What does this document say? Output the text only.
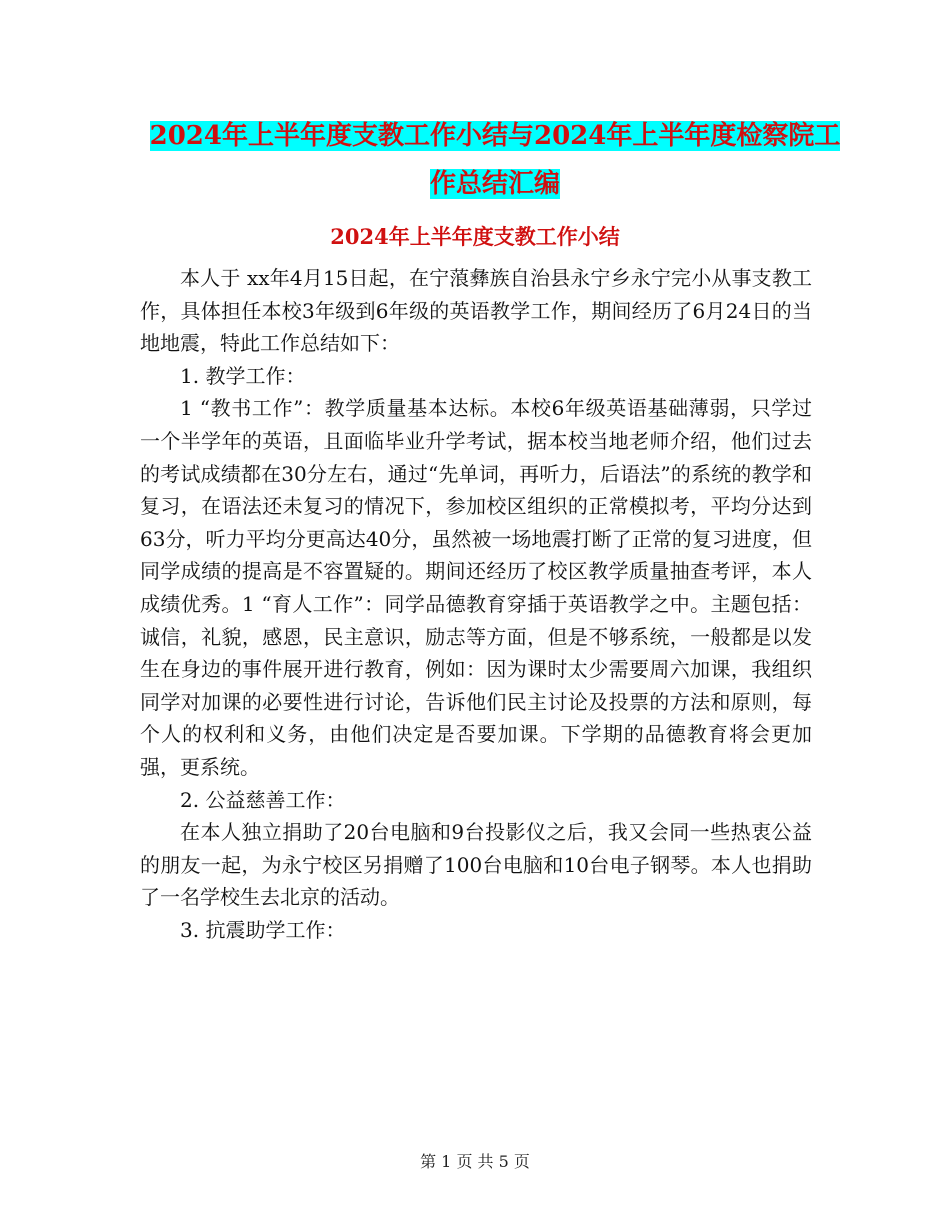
2024年上半年度支教工作小结与2024年上半年度检察院工作总结汇编
2024年上半年度支教工作小结

本人于 xx年4月15日起，在宁蒗彝族自治县永宁乡永宁完小从事支教工作，具体担任本校3年级到6年级的英语教学工作，期间经历了6月24日的当地地震，特此工作总结如下：

1. 教学工作：

1 “教书工作”：教学质量基本达标。本校6年级英语基础薄弱，只学过一个半学年的英语，且面临毕业升学考试，据本校当地老师介绍，他们过去的考试成绩都在30分左右，通过“先单词，再听力，后语法”的系统的教学和复习，在语法还未复习的情况下，参加校区组织的正常模拟考，平均分达到63分，听力平均分更高达40分，虽然被一场地震打断了正常的复习进度，但同学成绩的提高是不容置疑的。期间还经历了校区教学质量抽查考评，本人成绩优秀。1 “育人工作”：同学品德教育穿插于英语教学之中。主题包括：诚信，礼貌，感恩，民主意识，励志等方面，但是不够系统，一般都是以发生在身边的事件展开进行教育，例如：因为课时太少需要周六加课，我组织同学对加课的必要性进行讨论，告诉他们民主讨论及投票的方法和原则，每个人的权利和义务，由他们决定是否要加课。下学期的品德教育将会更加强，更系统。

2. 公益慈善工作：

在本人独立捐助了20台电脑和9台投影仪之后，我又会同一些热衷公益的朋友一起，为永宁校区另捐赠了100台电脑和10台电子钢琴。本人也捐助了一名学校生去北京的活动。

3. 抗震助学工作：

第 1 页 共 5 页
